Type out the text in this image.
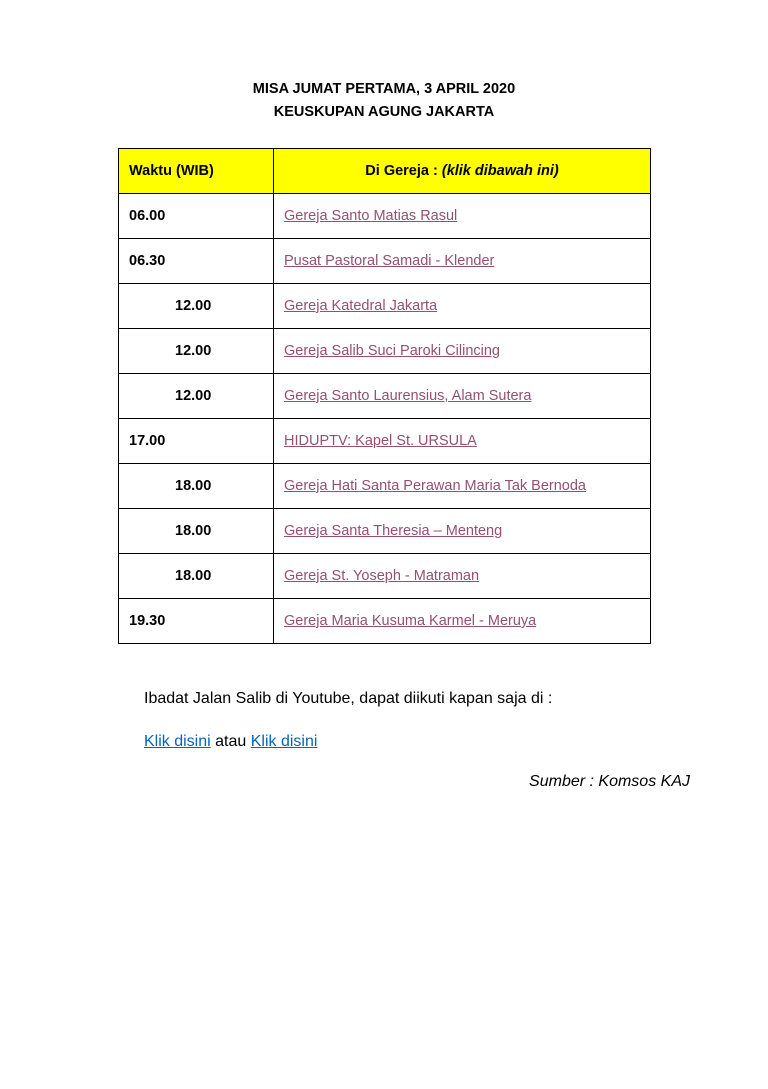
MISA JUMAT PERTAMA, 3 APRIL 2020
KEUSKUPAN AGUNG JAKARTA
Waktu (WIB)	Di Gereja : (klik dibawah ini)
06.00	Gereja Santo Matias Rasul
06.30	Pusat Pastoral Samadi - Klender
12.00	Gereja Katedral Jakarta
12.00	Gereja Salib Suci Paroki Cilincing
12.00	Gereja Santo Laurensius, Alam Sutera
17.00	HIDUPTV: Kapel St. URSULA
18.00	Gereja Hati Santa Perawan Maria Tak Bernoda
18.00	Gereja Santa Theresia – Menteng
18.00	Gereja St. Yoseph - Matraman
19.30	Gereja Maria Kusuma Karmel - Meruya
Ibadat Jalan Salib di Youtube, dapat diikuti kapan saja di :
Klik disini atau Klik disini
Sumber : Komsos KAJ
